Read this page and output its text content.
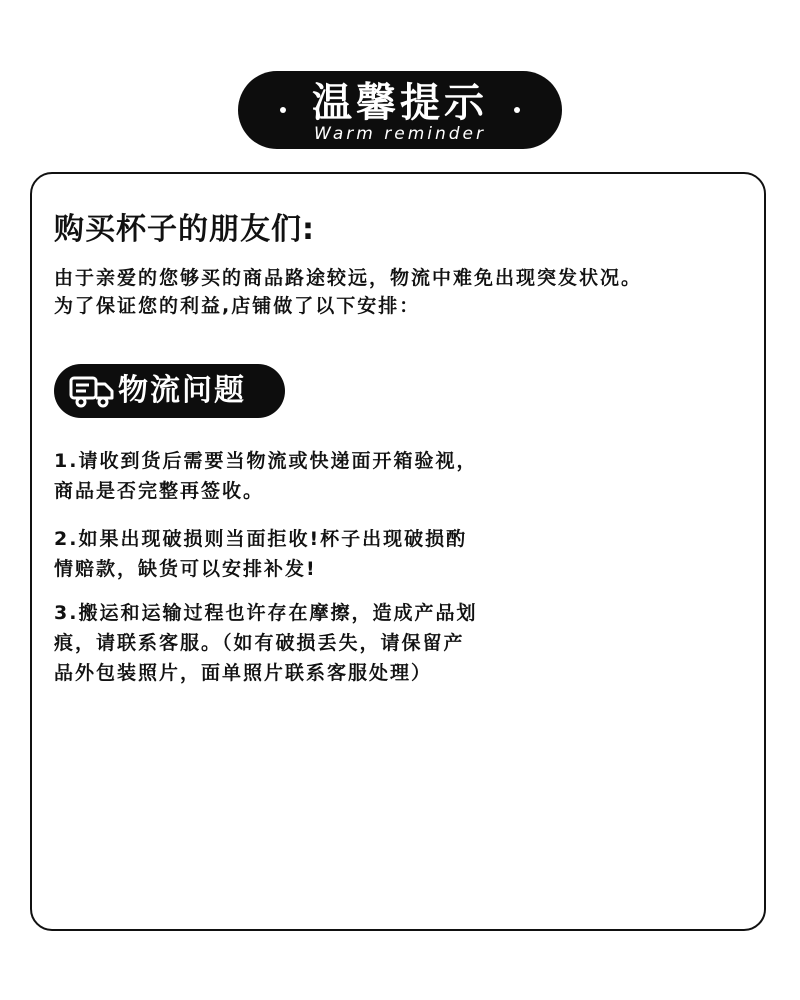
温馨提示
Warm reminder
购买杯子的朋友们:
由于亲爱的您够买的商品路途较远，物流中难免出现突发状况。
为了保证您的利益,店铺做了以下安排：
物流问题
1.请收到货后需要当物流或快递面开箱验视，
商品是否完整再签收。
2.如果出现破损则当面拒收!杯子出现破损酌
情赔款，缺货可以安排补发!
3.搬运和运输过程也许存在摩擦，造成产品划
痕，请联系客服。（如有破损丢失，请保留产
品外包装照片，面单照片联系客服处理）
